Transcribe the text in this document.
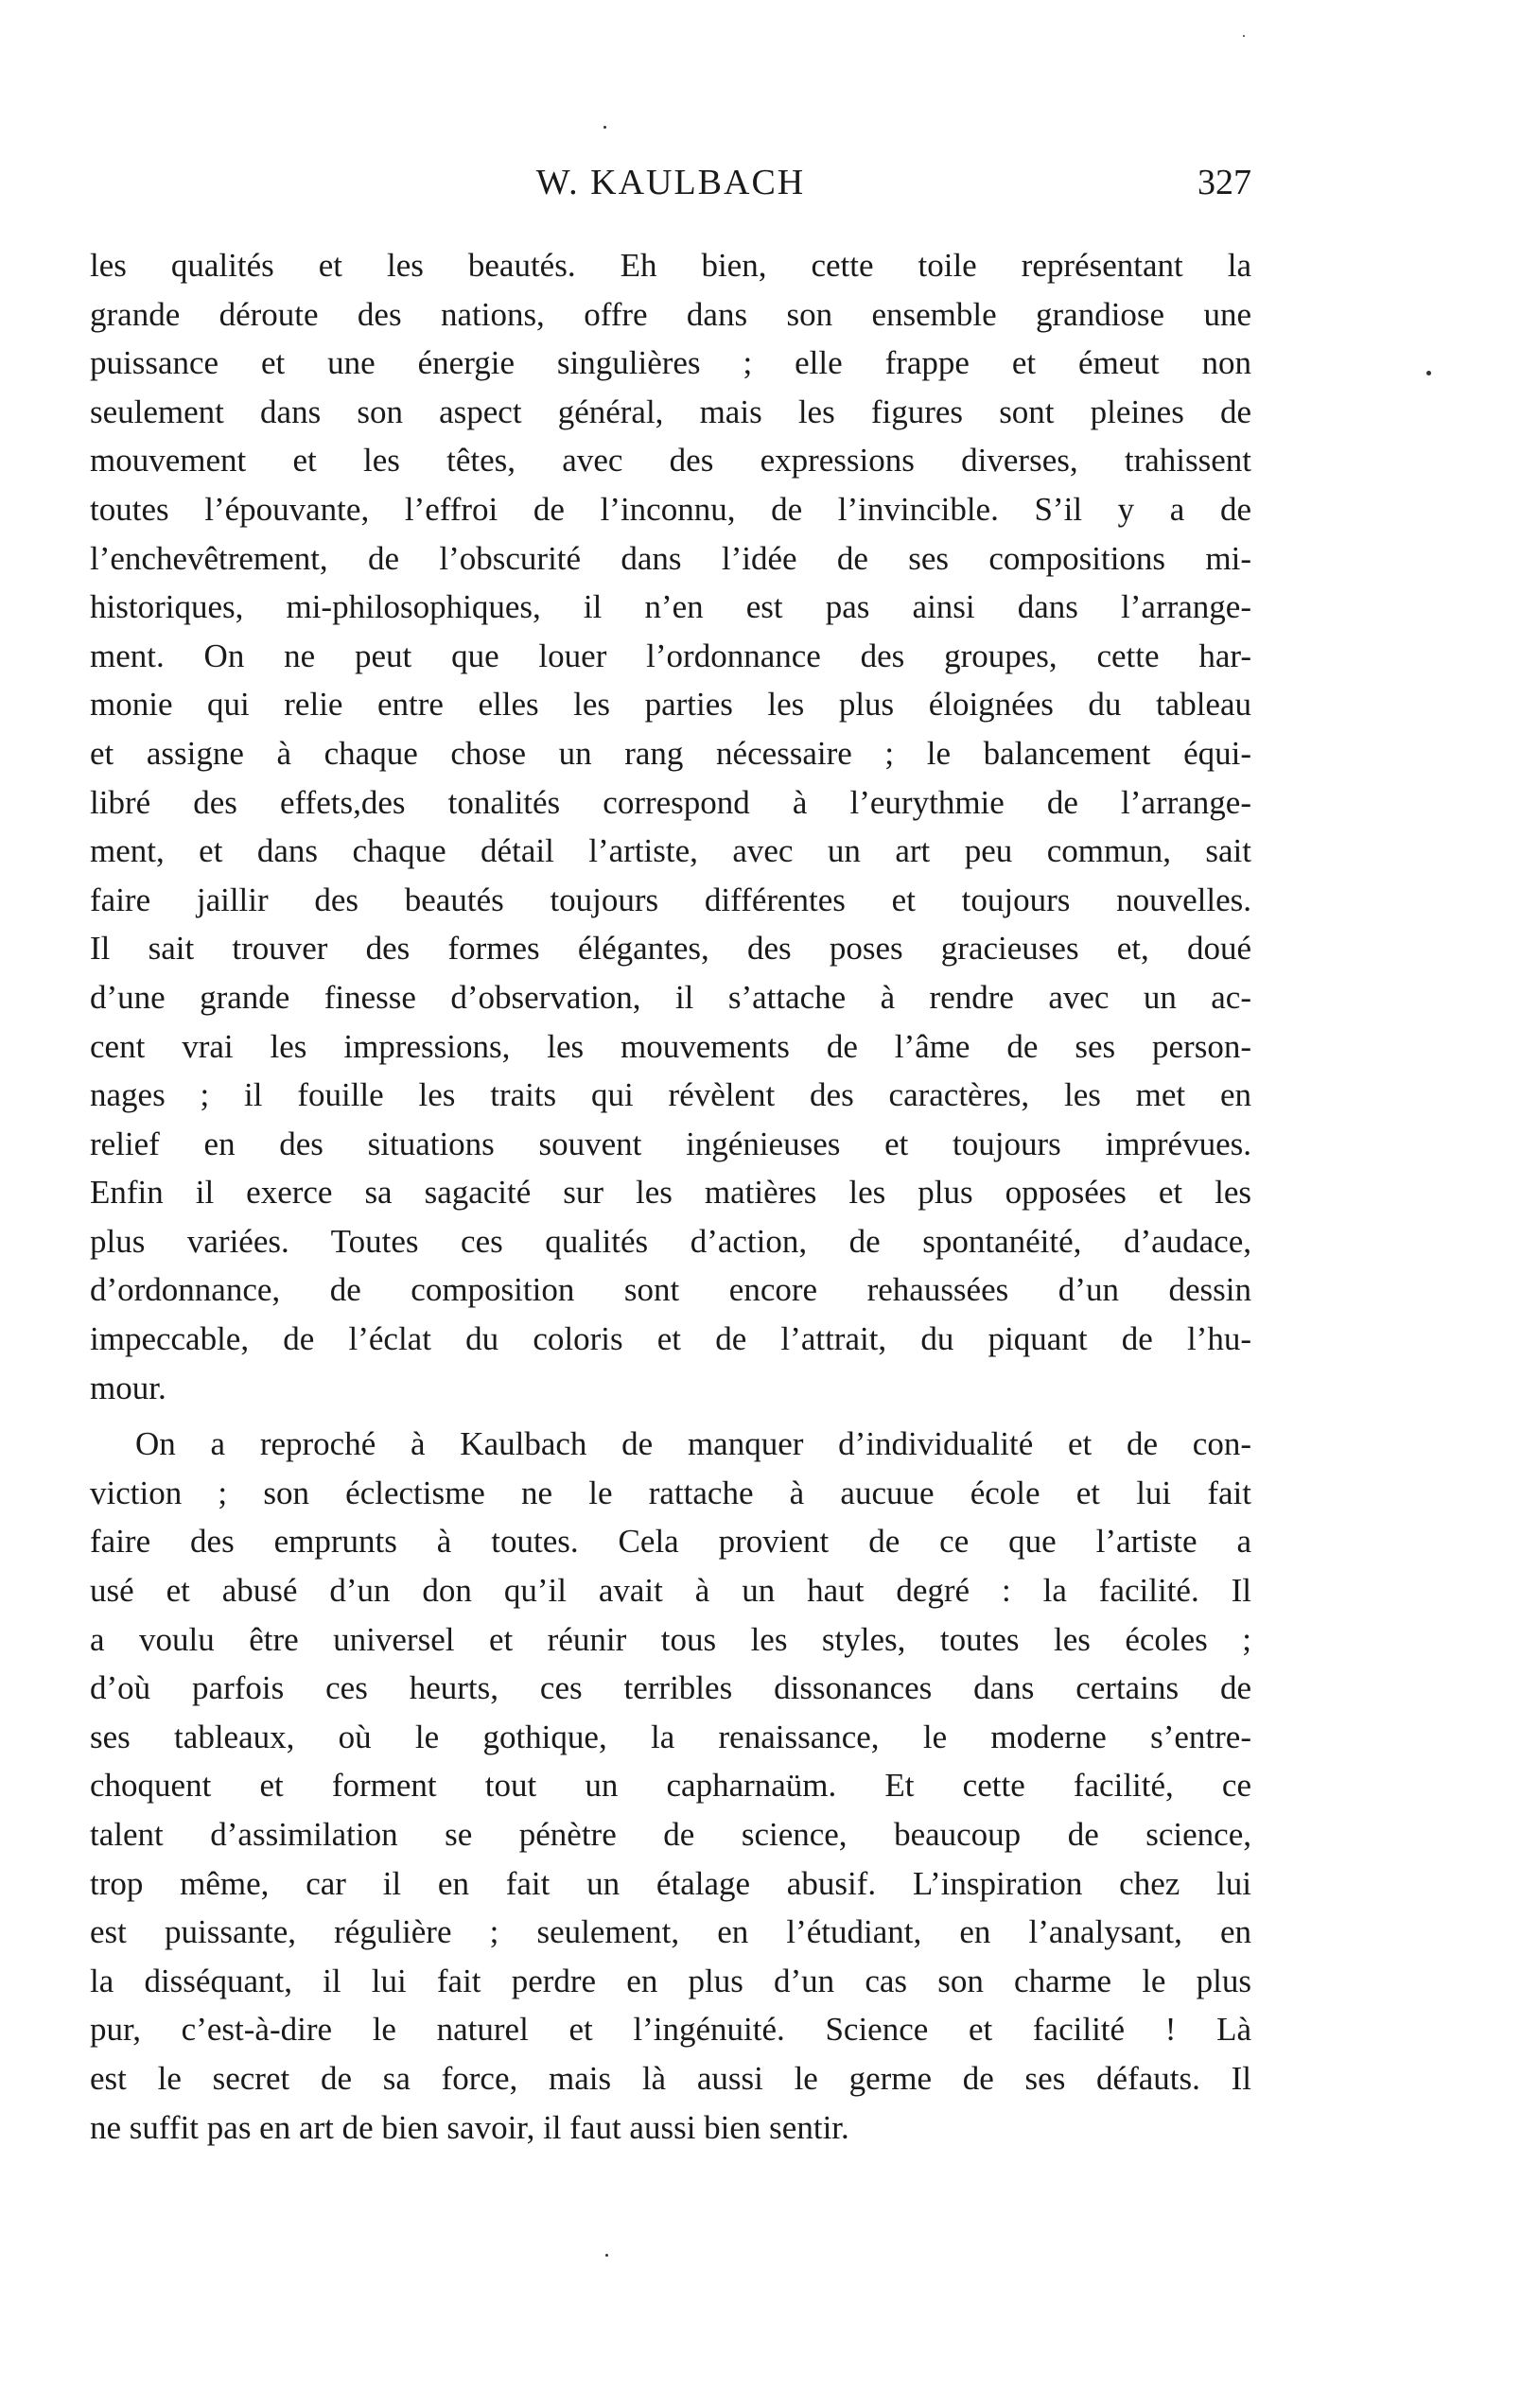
W. KAULBACH	327
les qualités et les beautés. Eh bien, cette toile représentant la
grande déroute des nations, offre dans son ensemble grandiose une
puissance et une énergie singulières ; elle frappe et émeut non
seulement dans son aspect général, mais les figures sont pleines de
mouvement et les têtes, avec des expressions diverses, trahissent
toutes l’épouvante, l’effroi de l’inconnu, de l’invincible. S’il y a de
l’enchevêtrement, de l’obscurité dans l’idée de ses compositions mi-
historiques, mi-philosophiques, il n’en est pas ainsi dans l’arrange-
ment. On ne peut que louer l’ordonnance des groupes, cette har-
monie qui relie entre elles les parties les plus éloignées du tableau
et assigne à chaque chose un rang nécessaire ; le balancement équi-
libré des effets,des tonalités correspond à l’eurythmie de l’arrange-
ment, et dans chaque détail l’artiste, avec un art peu commun, sait
faire jaillir des beautés toujours différentes et toujours nouvelles.
Il sait trouver des formes élégantes, des poses gracieuses et, doué
d’une grande finesse d’observation, il s’attache à rendre avec un ac-
cent vrai les impressions, les mouvements de l’âme de ses person-
nages ; il fouille les traits qui révèlent des caractères, les met en
relief en des situations souvent ingénieuses et toujours imprévues.
Enfin il exerce sa sagacité sur les matières les plus opposées et les
plus variées. Toutes ces qualités d’action, de spontanéité, d’audace,
d’ordonnance, de composition sont encore rehaussées d’un dessin
impeccable, de l’éclat du coloris et de l’attrait, du piquant de l’hu-
mour.
On a reproché à Kaulbach de manquer d’individualité et de con-
viction ; son éclectisme ne le rattache à aucuue école et lui fait
faire des emprunts à toutes. Cela provient de ce que l’artiste a
usé et abusé d’un don qu’il avait à un haut degré : la facilité. Il
a voulu être universel et réunir tous les styles, toutes les écoles ;
d’où parfois ces heurts, ces terribles dissonances dans certains de
ses tableaux, où le gothique, la renaissance, le moderne s’entre-
choquent et forment tout un capharnaüm. Et cette facilité, ce
talent d’assimilation se pénètre de science, beaucoup de science,
trop même, car il en fait un étalage abusif. L’inspiration chez lui
est puissante, régulière ; seulement, en l’étudiant, en l’analysant, en
la disséquant, il lui fait perdre en plus d’un cas son charme le plus
pur, c’est-à-dire le naturel et l’ingénuité. Science et facilité ! Là
est le secret de sa force, mais là aussi le germe de ses défauts. Il
ne suffit pas en art de bien savoir, il faut aussi bien sentir.
